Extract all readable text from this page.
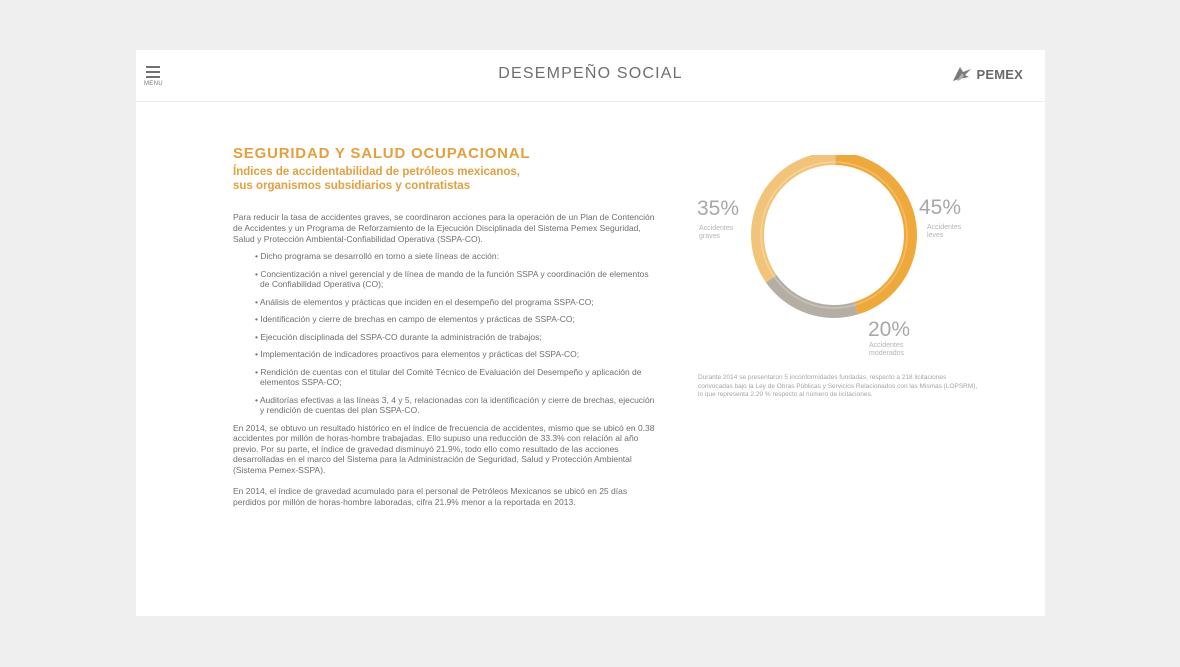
MENU
DESEMPEÑO SOCIAL	PEMEX
SEGURIDAD Y SALUD OCUPACIONAL

Índices de accidentabilidad de petróleos mexicanos,
sus organismos subsidiarios y contratistas

Para reducir la tasa de accidentes graves, se coordinaron acciones para la operación de un Plan de Contención de Accidentes y un Programa de Reforzamiento de la Ejecución Disciplinada del Sistema Pemex Seguridad, Salud y Protección Ambiental-Confiabilidad Operativa (SSPA-CO).

• Dicho programa se desarrolló en torno a siete líneas de acción:
• Concientización a nivel gerencial y de línea de mando de la función SSPA y coordinación de elementos de Confiabilidad Operativa (CO);
• Análisis de elementos y prácticas que inciden en el desempeño del programa SSPA-CO;
• Identificación y cierre de brechas en campo de elementos y prácticas de SSPA-CO;
• Ejecución disciplinada del SSPA-CO durante la administración de trabajos;
• Implementación de indicadores proactivos para elementos y prácticas del SSPA-CO;
• Rendición de cuentas con el titular del Comité Técnico de Evaluación del Desempeño y aplicación de elementos SSPA-CO;
• Auditorías efectivas a las líneas 3, 4 y 5, relacionadas con la identificación y cierre de brechas, ejecución y rendición de cuentas del plan SSPA-CO.

En 2014, se obtuvo un resultado histórico en el índice de frecuencia de accidentes, mismo que se ubicó en 0.38 accidentes por millón de horas-hombre trabajadas. Ello supuso una reducción de 33.3% con relación al año previo. Por su parte, el índice de gravedad disminuyó 21.9%, todo ello como resultado de las acciones desarrolladas en el marco del Sistema para la Administración de Seguridad, Salud y Protección Ambiental (Sistema Pemex-SSPA).

En 2014, el índice de gravedad acumulado para el personal de Petróleos Mexicanos se ubicó en 25 días perdidos por millón de horas-hombre laboradas, cifra 21.9% menor a la reportada en 2013.

35%
Accidentes
graves
45%
Accidentes
leves
20%
Accidentes
moderados
Durante 2014 se presentaron 5 inconformidades fundadas, respecto a 218 licitaciones convocadas bajo la Ley de Obras Públicas y Servicios Relacionados con las Mismas (LOPSRM), lo que representa 2.29 % respecto al número de licitaciones.
